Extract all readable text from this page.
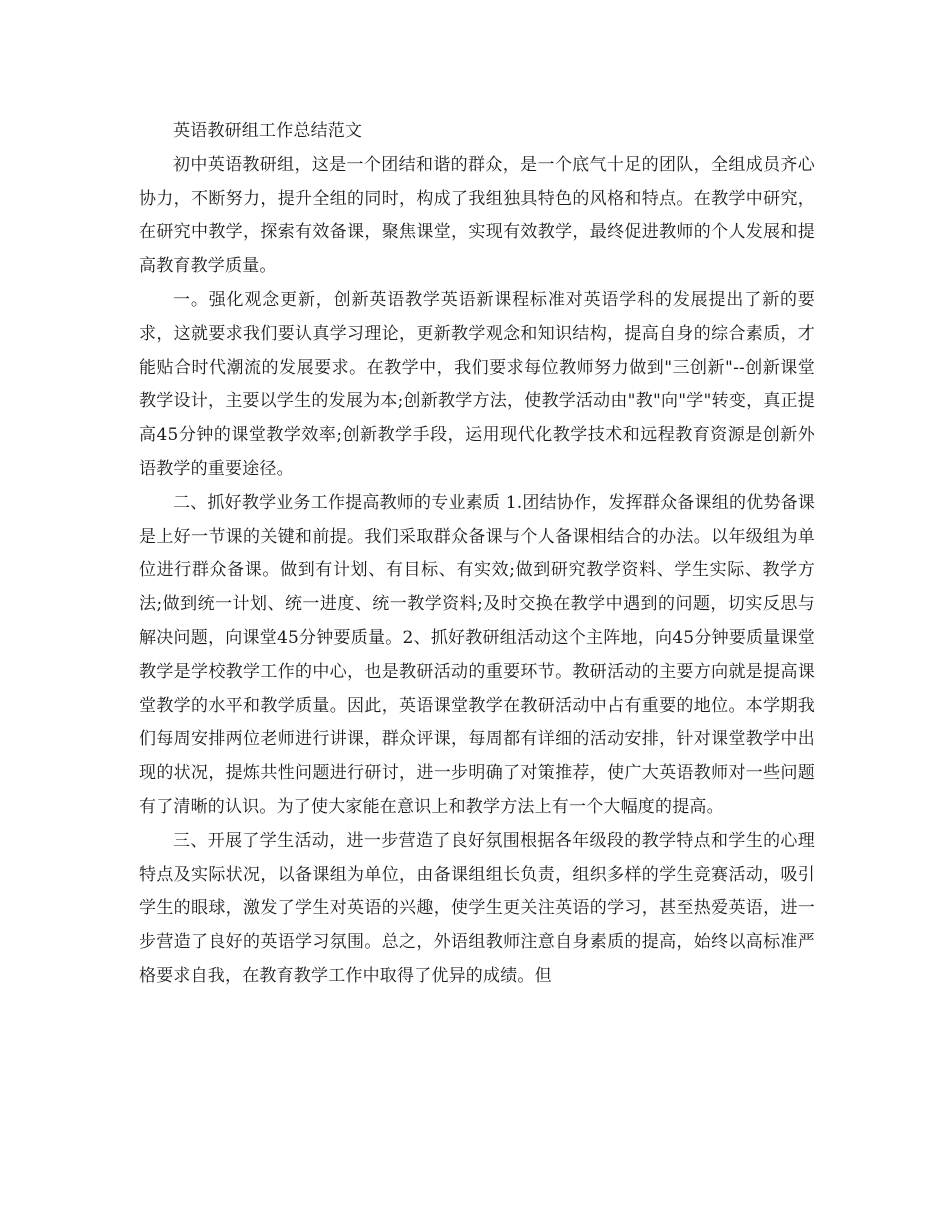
英语教研组工作总结范文

初中英语教研组，这是一个团结和谐的群众，是一个底气十足的团队，全组成员齐心协力，不断努力，提升全组的同时，构成了我组独具特色的风格和特点。在教学中研究，在研究中教学，探索有效备课，聚焦课堂，实现有效教学，最终促进教师的个人发展和提高教育教学质量。

一。强化观念更新，创新英语教学英语新课程标准对英语学科的发展提出了新的要求，这就要求我们要认真学习理论，更新教学观念和知识结构，提高自身的综合素质，才能贴合时代潮流的发展要求。在教学中，我们要求每位教师努力做到"三创新"--创新课堂教学设计，主要以学生的发展为本;创新教学方法，使教学活动由"教"向"学"转变，真正提高45分钟的课堂教学效率;创新教学手段，运用现代化教学技术和远程教育资源是创新外语教学的重要途径。

二、抓好教学业务工作提高教师的专业素质 1.团结协作，发挥群众备课组的优势备课是上好一节课的关键和前提。我们采取群众备课与个人备课相结合的办法。以年级组为单位进行群众备课。做到有计划、有目标、有实效;做到研究教学资料、学生实际、教学方法;做到统一计划、统一进度、统一教学资料;及时交换在教学中遇到的问题，切实反思与解决问题，向课堂45分钟要质量。2、抓好教研组活动这个主阵地，向45分钟要质量课堂教学是学校教学工作的中心，也是教研活动的重要环节。教研活动的主要方向就是提高课堂教学的水平和教学质量。因此，英语课堂教学在教研活动中占有重要的地位。本学期我们每周安排两位老师进行讲课，群众评课，每周都有详细的活动安排，针对课堂教学中出现的状况，提炼共性问题进行研讨，进一步明确了对策推荐，使广大英语教师对一些问题有了清晰的认识。为了使大家能在意识上和教学方法上有一个大幅度的提高。

三、开展了学生活动，进一步营造了良好氛围根据各年级段的教学特点和学生的心理特点及实际状况，以备课组为单位，由备课组组长负责，组织多样的学生竞赛活动，吸引学生的眼球，激发了学生对英语的兴趣，使学生更关注英语的学习，甚至热爱英语，进一步营造了良好的英语学习氛围。总之，外语组教师注意自身素质的提高，始终以高标准严格要求自我，在教育教学工作中取得了优异的成绩。但
